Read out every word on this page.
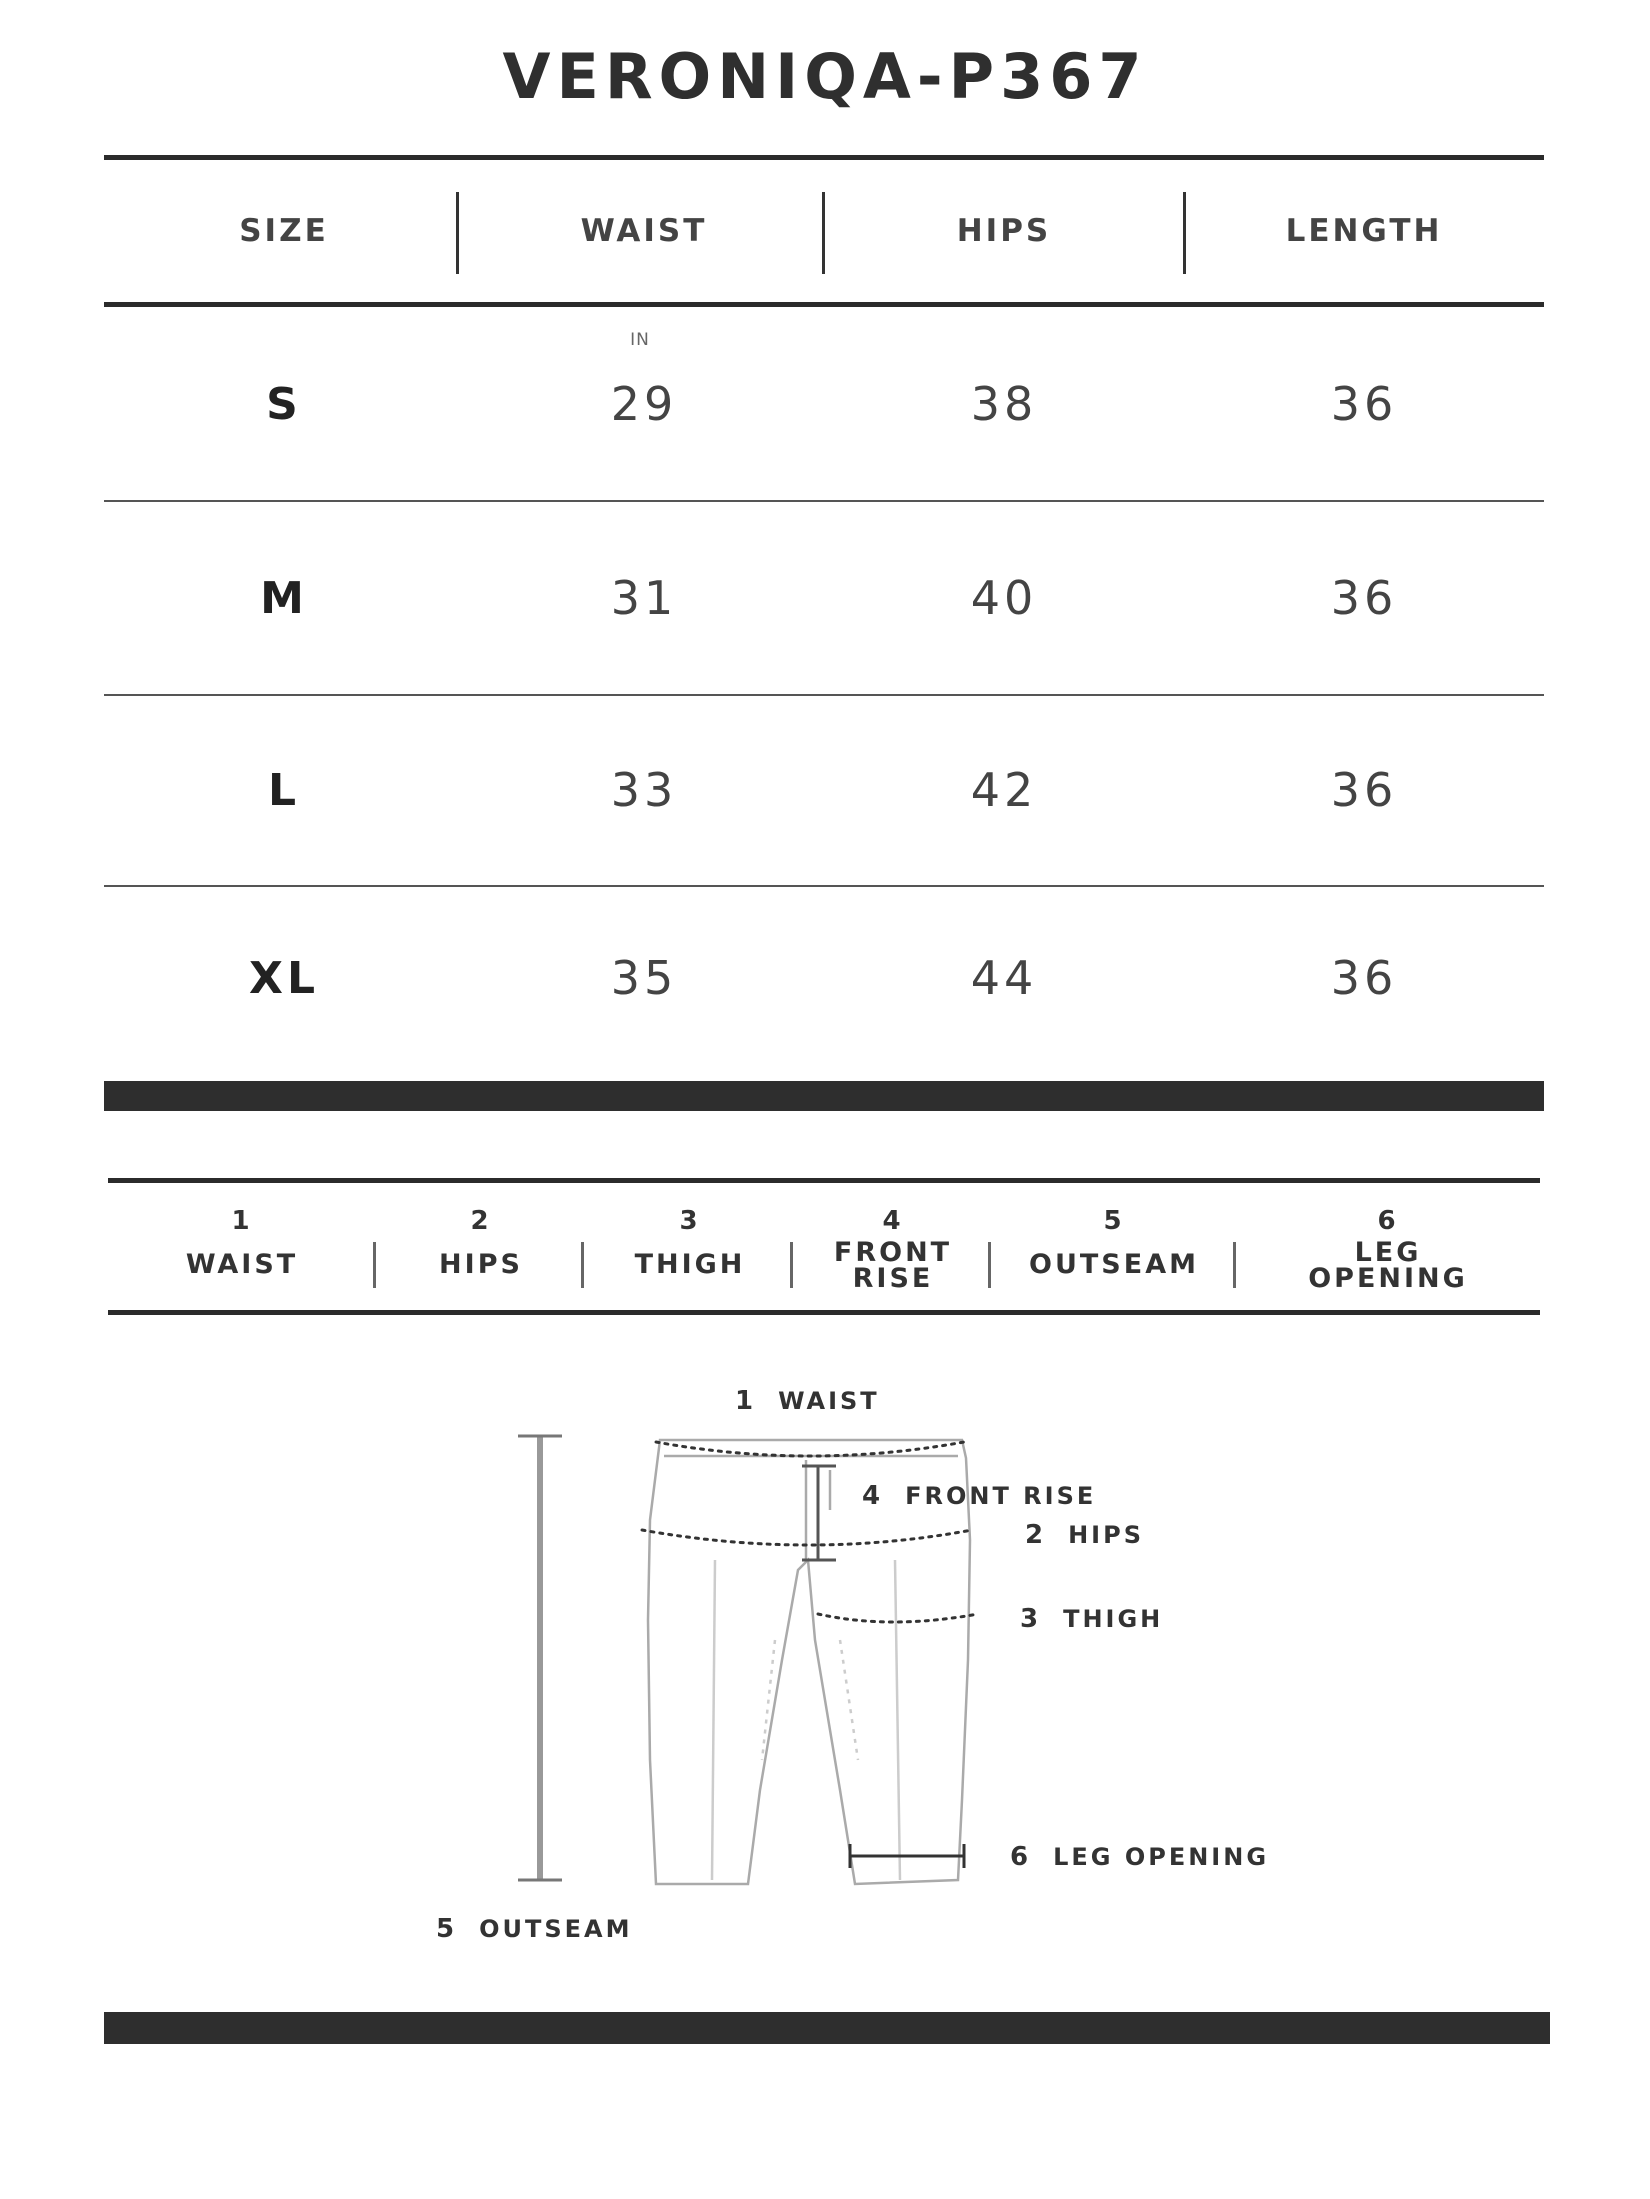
VERONIQA-P367
SIZE	WAIST	HIPS	LENGTH
IN
S	29	38	36
M	31	40	36
L	33	42	36
XL	35	44	36
1
WAIST
2
HIPS
3
THIGH
4
FRONT
RISE
5
OUTSEAM
6
LEG
OPENING
1 WAIST
4 FRONT RISE
2 HIPS
3 THIGH
6 LEG OPENING
5 OUTSEAM
